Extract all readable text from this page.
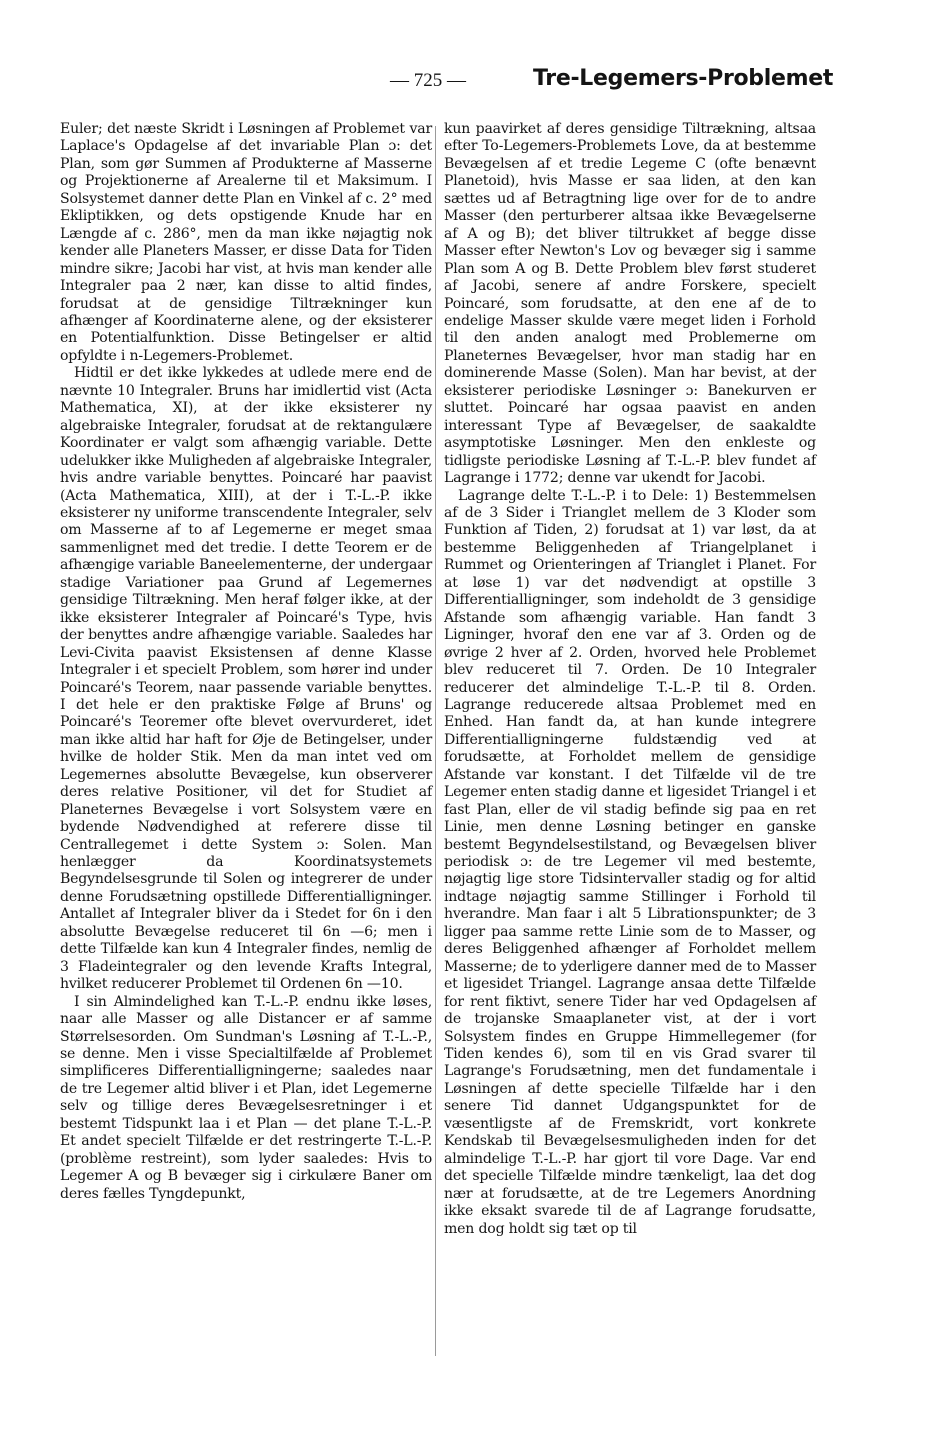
— 725 —	Tre-Legemers-Problemet

Euler; det næste Skridt i Løsningen af Problemet var Laplace's Opdagelse af det invariable Plan ɔ: det Plan, som gør Summen af Produkterne af Masserne og Projektionerne af Arealerne til et Maksimum. I Solsystemet danner dette Plan en Vinkel af c. 2° med Ekliptikken, og dets opstigende Knude har en Længde af c. 286°, men da man ikke nøjagtig nok kender alle Planeters Masser, er disse Data for Tiden mindre sikre; Jacobi har vist, at hvis man kender alle Integraler paa 2 nær, kan disse to altid findes, forudsat at de gensidige Tiltrækninger kun afhænger af Koordinaterne alene, og der eksisterer en Potentialfunktion. Disse Betingelser er altid opfyldte i n-Legemers-Problemet.

Hidtil er det ikke lykkedes at udlede mere end de nævnte 10 Integraler. Bruns har imidlertid vist (Acta Mathematica, XI), at der ikke eksisterer ny algebraiske Integraler, forudsat at de rektangulære Koordinater er valgt som afhængig variable. Dette udelukker ikke Muligheden af algebraiske Integraler, hvis andre variable benyttes. Poincaré har paavist (Acta Mathematica, XIII), at der i T.-L.-P. ikke eksisterer ny uniforme transcendente Integraler, selv om Masserne af to af Legemerne er meget smaa sammenlignet med det tredie. I dette Teorem er de afhængige variable Baneelementerne, der undergaar stadige Variationer paa Grund af Legemernes gensidige Tiltrækning. Men heraf følger ikke, at der ikke eksisterer Integraler af Poincaré's Type, hvis der benyttes andre afhængige variable. Saaledes har Levi-Civita paavist Eksistensen af denne Klasse Integraler i et specielt Problem, som hører ind under Poincaré's Teorem, naar passende variable benyttes. I det hele er den praktiske Følge af Bruns' og Poincaré's Teoremer ofte blevet overvurderet, idet man ikke altid har haft for Øje de Betingelser, under hvilke de holder Stik. Men da man intet ved om Legemernes absolutte Bevægelse, kun observerer deres relative Positioner, vil det for Studiet af Planeternes Bevægelse i vort Solsystem være en bydende Nødvendighed at referere disse til Centrallegemet i dette System ɔ: Solen. Man henlægger da Koordinatsystemets Begyndelsesgrunde til Solen og integrerer de under denne Forudsætning opstillede Differentialligninger. Antallet af Integraler bliver da i Stedet for 6n i den absolutte Bevægelse reduceret til 6n —6; men i dette Tilfælde kan kun 4 Integraler findes, nemlig de 3 Fladeintegraler og den levende Krafts Integral, hvilket reducerer Problemet til Ordenen 6n —10.

I sin Almindelighed kan T.-L.-P. endnu ikke løses, naar alle Masser og alle Distancer er af samme Størrelsesorden. Om Sundman's Løsning af T.-L.-P., se denne. Men i visse Specialtilfælde af Problemet simplificeres Differentialligningerne; saaledes naar de tre Legemer altid bliver i et Plan, idet Legemerne selv og tillige deres Bevægelsesretninger i et bestemt Tidspunkt laa i et Plan — det plane T.-L.-P. Et andet specielt Tilfælde er det restringerte T.-L.-P. (problème restreint), som lyder saaledes: Hvis to Legemer A og B bevæger sig i cirkulære Baner om deres fælles Tyngdepunkt,

kun paavirket af deres gensidige Tiltrækning, altsaa efter To-Legemers-Problemets Love, da at bestemme Bevægelsen af et tredie Legeme C (ofte benævnt Planetoid), hvis Masse er saa liden, at den kan sættes ud af Betragtning lige over for de to andre Masser (den perturberer altsaa ikke Bevægelserne af A og B); det bliver tiltrukket af begge disse Masser efter Newton's Lov og bevæger sig i samme Plan som A og B. Dette Problem blev først studeret af Jacobi, senere af andre Forskere, specielt Poincaré, som forudsatte, at den ene af de to endelige Masser skulde være meget liden i Forhold til den anden analogt med Problemerne om Planeternes Bevægelser, hvor man stadig har en dominerende Masse (Solen). Man har bevist, at der eksisterer periodiske Løsninger ɔ: Banekurven er sluttet. Poincaré har ogsaa paavist en anden interessant Type af Bevægelser, de saakaldte asymptotiske Løsninger. Men den enkleste og tidligste periodiske Løsning af T.-L.-P. blev fundet af Lagrange i 1772; denne var ukendt for Jacobi.

Lagrange delte T.-L.-P. i to Dele: 1) Bestemmelsen af de 3 Sider i Trianglet mellem de 3 Kloder som Funktion af Tiden, 2) forudsat at 1) var løst, da at bestemme Beliggenheden af Triangelplanet i Rummet og Orienteringen af Trianglet i Planet. For at løse 1) var det nødvendigt at opstille 3 Differentialligninger, som indeholdt de 3 gensidige Afstande som afhængig variable. Han fandt 3 Ligninger, hvoraf den ene var af 3. Orden og de øvrige 2 hver af 2. Orden, hvorved hele Problemet blev reduceret til 7. Orden. De 10 Integraler reducerer det almindelige T.-L.-P. til 8. Orden. Lagrange reducerede altsaa Problemet med en Enhed. Han fandt da, at han kunde integrere Differentialligningerne fuldstændig ved at forudsætte, at Forholdet mellem de gensidige Afstande var konstant. I det Tilfælde vil de tre Legemer enten stadig danne et ligesidet Triangel i et fast Plan, eller de vil stadig befinde sig paa en ret Linie, men denne Løsning betinger en ganske bestemt Begyndelsestilstand, og Bevægelsen bliver periodisk ɔ: de tre Legemer vil med bestemte, nøjagtig lige store Tidsintervaller stadig og for altid indtage nøjagtig samme Stillinger i Forhold til hverandre. Man faar i alt 5 Librationspunkter; de 3 ligger paa samme rette Linie som de to Masser, og deres Beliggenhed afhænger af Forholdet mellem Masserne; de to yderligere danner med de to Masser et ligesidet Triangel. Lagrange ansaa dette Tilfælde for rent fiktivt, senere Tider har ved Opdagelsen af de trojanske Smaaplaneter vist, at der i vort Solsystem findes en Gruppe Himmellegemer (for Tiden kendes 6), som til en vis Grad svarer til Lagrange's Forudsætning, men det fundamentale i Løsningen af dette specielle Tilfælde har i den senere Tid dannet Udgangspunktet for de væsentligste af de Fremskridt, vort konkrete Kendskab til Bevægelsesmuligheden inden for det almindelige T.-L.-P. har gjort til vore Dage. Var end det specielle Tilfælde mindre tænkeligt, laa det dog nær at forudsætte, at de tre Legemers Anordning ikke eksakt svarede til de af Lagrange forudsatte, men dog holdt sig tæt op til
